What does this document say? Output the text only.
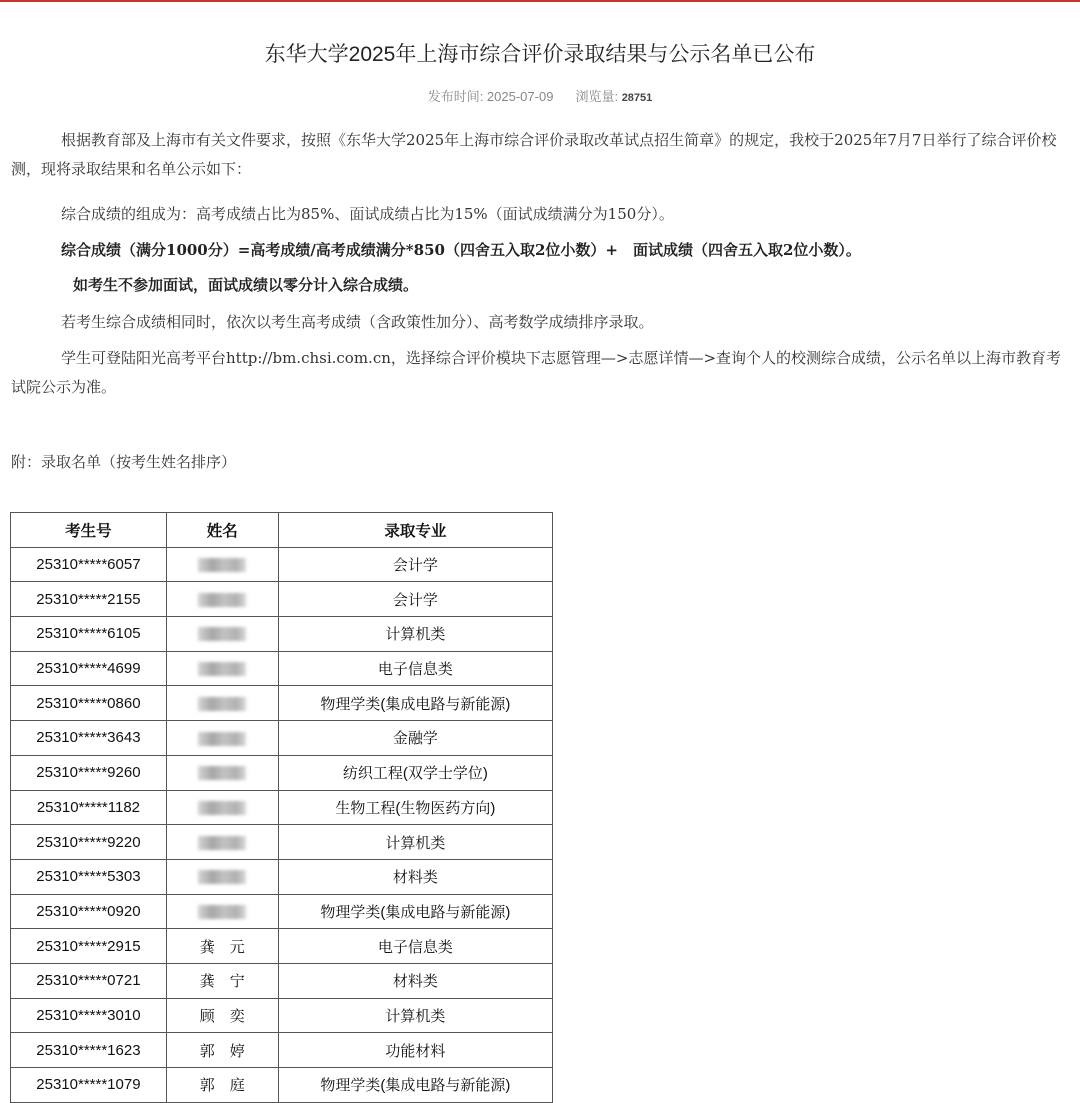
东华大学2025年上海市综合评价录取结果与公示名单已公布
发布时间: 2025-07-09 浏览量: 28751
根据教育部及上海市有关文件要求，按照《东华大学2025年上海市综合评价录取改革试点招生简章》的规定，我校于2025年7月7日举行了综合评价校测，现将录取结果和名单公示如下：
综合成绩的组成为：高考成绩占比为85%、面试成绩占比为15%（面试成绩满分为150分）。
综合成绩（满分1000分）=高考成绩/高考成绩满分*850（四舍五入取2位小数）+　面试成绩（四舍五入取2位小数）。
如考生不参加面试，面试成绩以零分计入综合成绩。
若考生综合成绩相同时，依次以考生高考成绩（含政策性加分）、高考数学成绩排序录取。
学生可登陆阳光高考平台http://bm.chsi.com.cn，选择综合评价模块下志愿管理—>志愿详情—>查询个人的校测综合成绩，公示名单以上海市教育考试院公示为准。
附：录取名单（按考生姓名排序）
考生号	姓名	录取专业
25310*****6057		会计学
25310*****2155		会计学
25310*****6105		计算机类
25310*****4699		电子信息类
25310*****0860		物理学类(集成电路与新能源)
25310*****3643		金融学
25310*****9260		纺织工程(双学士学位)
25310*****1182		生物工程(生物医药方向)
25310*****9220		计算机类
25310*****5303		材料类
25310*****0920		物理学类(集成电路与新能源)
25310*****2915	龚　元	电子信息类
25310*****0721	龚　宁	材料类
25310*****3010	顾　奕	计算机类
25310*****1623	郭　婷	功能材料
25310*****1079	郭　庭	物理学类(集成电路与新能源)
